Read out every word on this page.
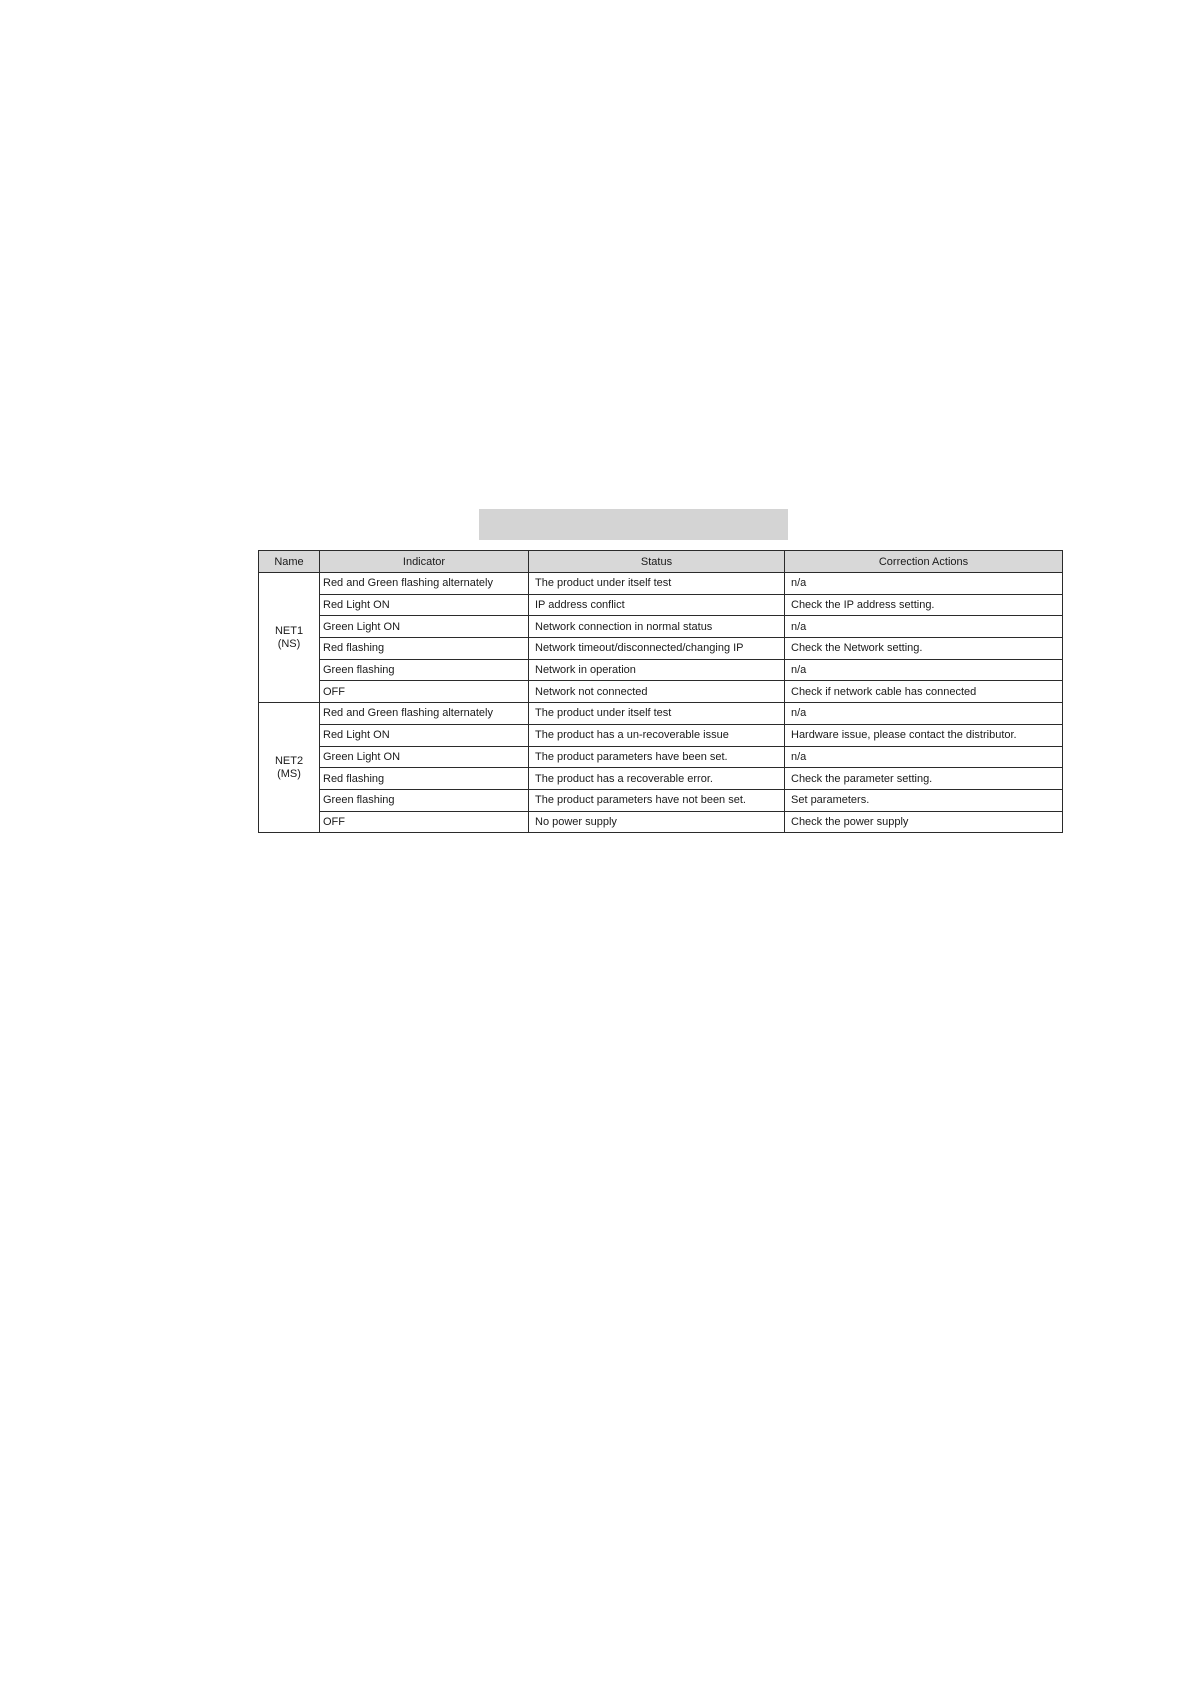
Name	Indicator	Status	Correction Actions

NET1
(NS)	Red and Green flashing alternately	The product under itself test	n/a
	Red Light ON	IP address conflict	Check the IP address setting.
	Green Light ON	Network connection in normal status	n/a
	Red flashing	Network timeout/disconnected/changing IP	Check the Network setting.
	Green flashing	Network in operation	n/a
	OFF	Network not connected	Check if network cable has connected

NET2
(MS)	Red and Green flashing alternately	The product under itself test	n/a
	Red Light ON	The product has a un-recoverable issue	Hardware issue, please contact the distributor.
	Green Light ON	The product parameters have been set.	n/a
	Red flashing	The product has a recoverable error.	Check the parameter setting.
	Green flashing	The product parameters have not been set.	Set parameters.
	OFF	No power supply	Check the power supply
